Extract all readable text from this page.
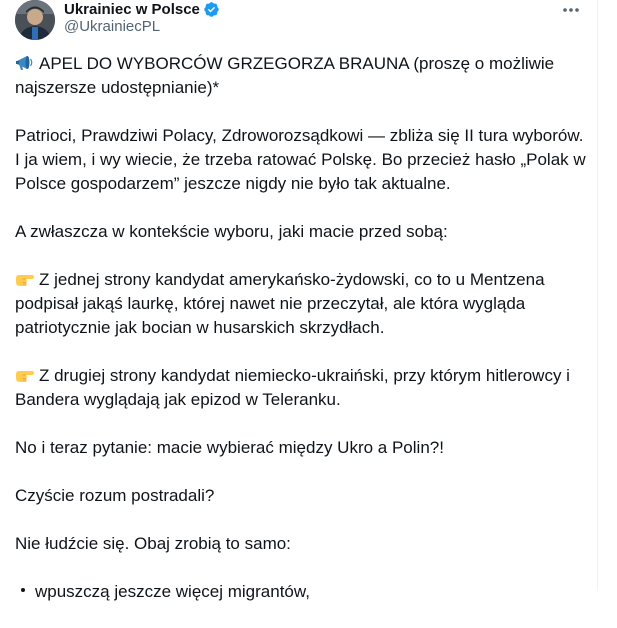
Ukrainiec w Polsce
@UkrainiecPL

APEL DO WYBORCÓW GRZEGORZA BRAUNA (proszę o możliwie najszersze udostępnianie)*

Patrioci, Prawdziwi Polacy, Zdroworozsądkowi — zbliża się II tura wyborów. I ja wiem, i wy wiecie, że trzeba ratować Polskę. Bo przecież hasło „Polak w Polsce gospodarzem” jeszcze nigdy nie było tak aktualne.

A zwłaszcza w kontekście wyboru, jaki macie przed sobą:

Z jednej strony kandydat amerykańsko-żydowski, co to u Mentzena podpisał jakąś laurkę, której nawet nie przeczytał, ale która wygląda patriotycznie jak bocian w husarskich skrzydłach.

Z drugiej strony kandydat niemiecko-ukraiński, przy którym hitlerowcy i Bandera wyglądają jak epizod w Teleranku.

No i teraz pytanie: macie wybierać między Ukro a Polin?!

Czyście rozum postradali?

Nie łudźcie się. Obaj zrobią to samo:

wpuszczą jeszcze więcej migrantów,
